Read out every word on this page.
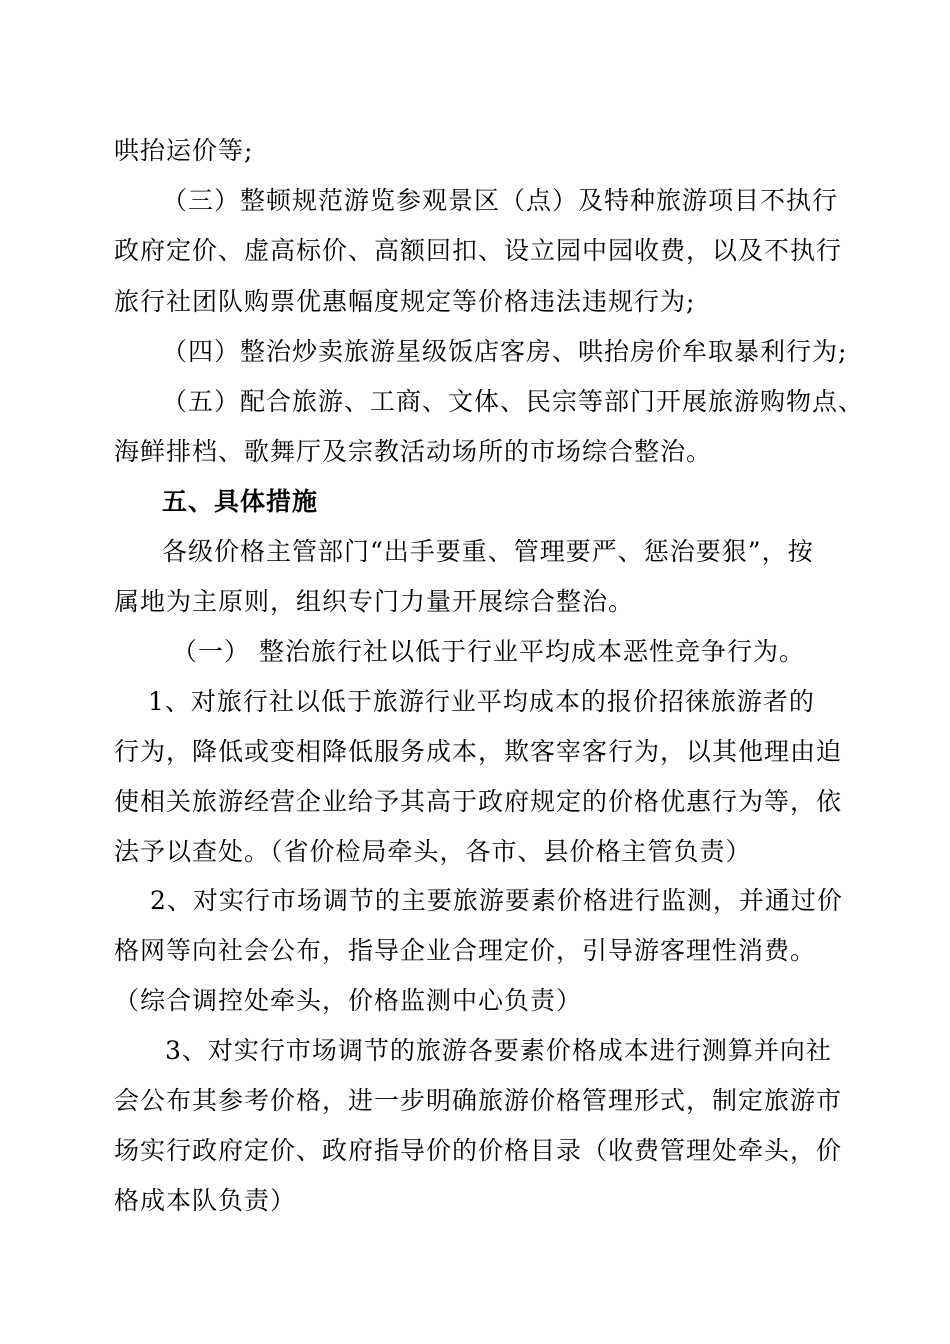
哄抬运价等;
（三）整顿规范游览参观景区（点）及特种旅游项目不执行
政府定价、虚高标价、高额回扣、设立园中园收费，以及不执行
旅行社团队购票优惠幅度规定等价格违法违规行为;
（四）整治炒卖旅游星级饭店客房、哄抬房价牟取暴利行为;
（五）配合旅游、工商、文体、民宗等部门开展旅游购物点、
海鲜排档、歌舞厅及宗教活动场所的市场综合整治。
五、具体措施
各级价格主管部门“出手要重、管理要严、惩治要狠”，按
属地为主原则，组织专门力量开展综合整治。
（一） 整治旅行社以低于行业平均成本恶性竞争行为。
1、对旅行社以低于旅游行业平均成本的报价招徕旅游者的
行为，降低或变相降低服务成本，欺客宰客行为，以其他理由迫
使相关旅游经营企业给予其高于政府规定的价格优惠行为等，依
法予以查处。（省价检局牵头，各市、县价格主管负责）
2、对实行市场调节的主要旅游要素价格进行监测，并通过价
格网等向社会公布，指导企业合理定价，引导游客理性消费。
（综合调控处牵头，价格监测中心负责）
3、对实行市场调节的旅游各要素价格成本进行测算并向社
会公布其参考价格，进一步明确旅游价格管理形式，制定旅游市
场实行政府定价、政府指导价的价格目录（收费管理处牵头，价
格成本队负责）
